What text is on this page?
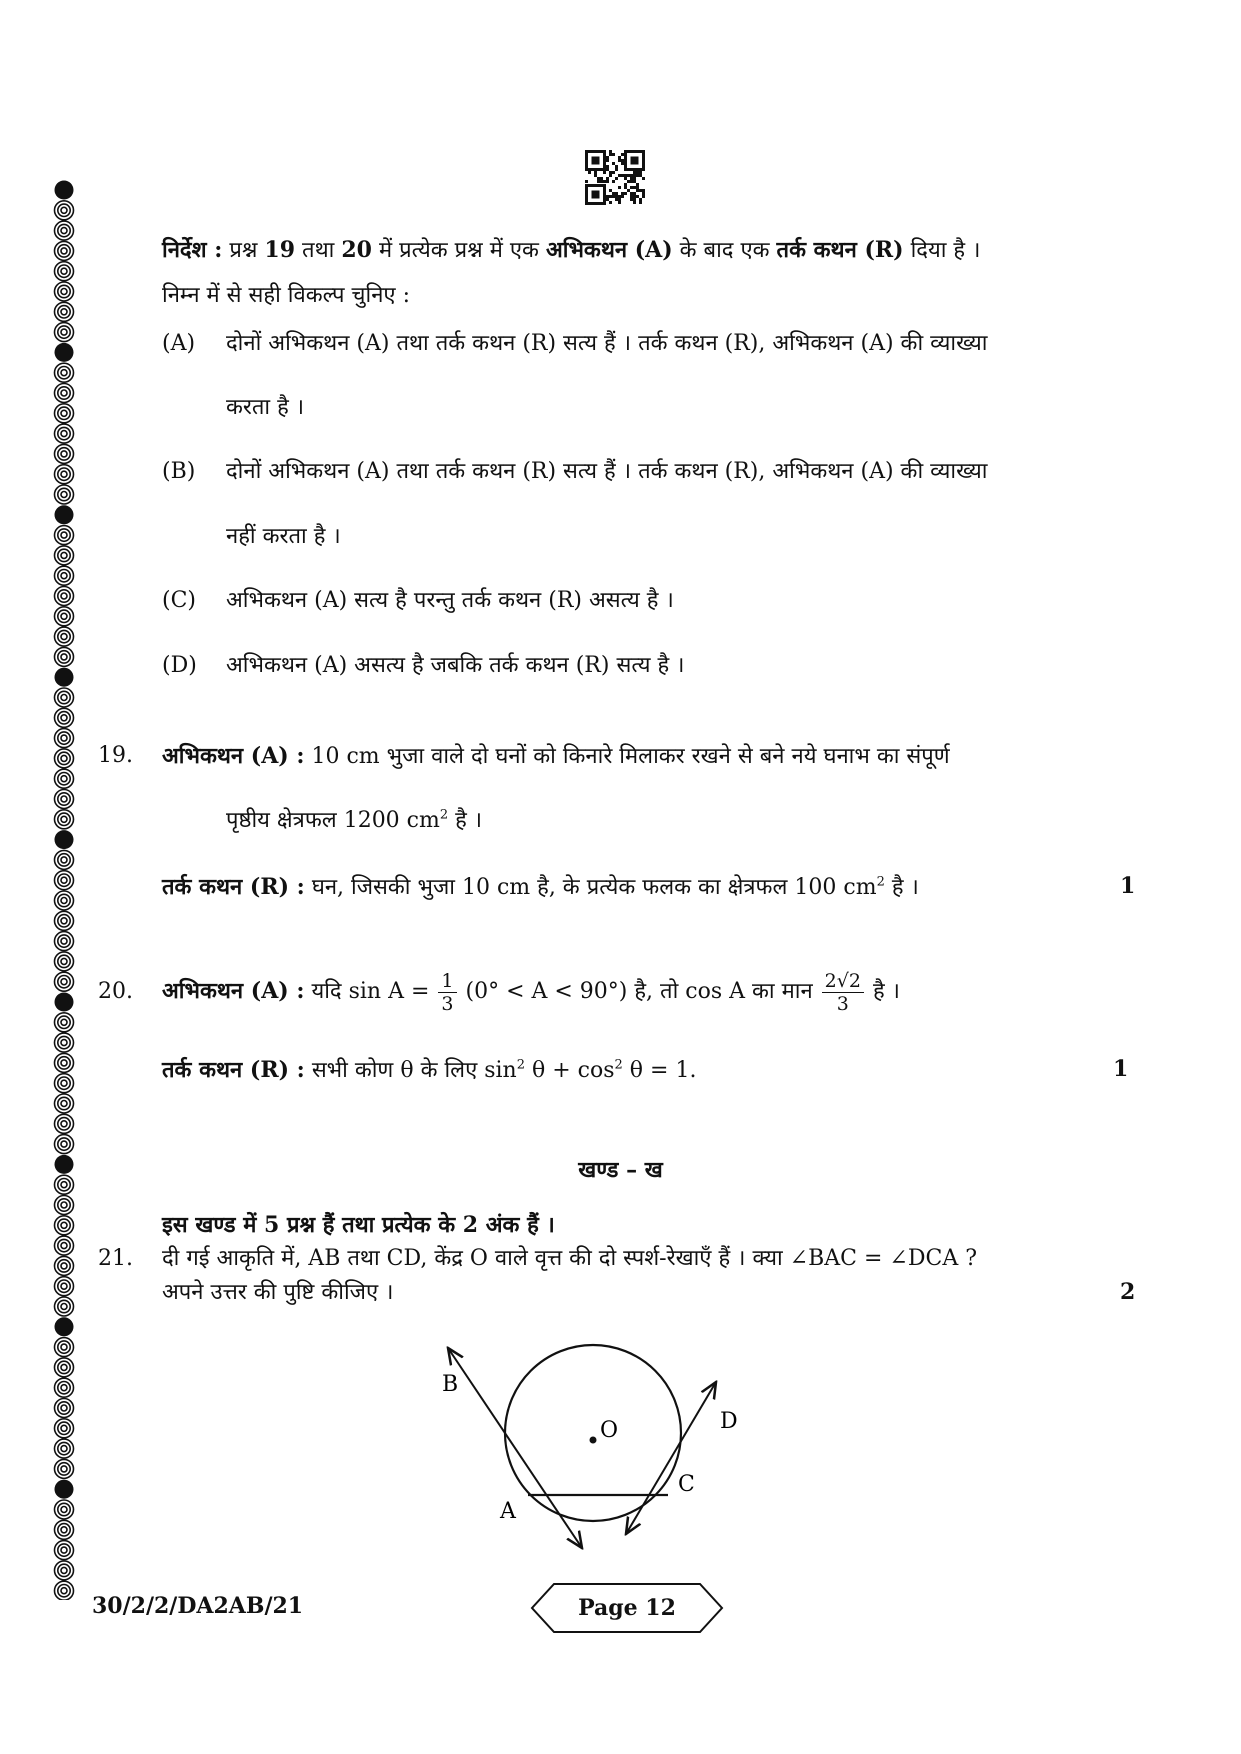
निर्देश : प्रश्न 19 तथा 20 में प्रत्येक प्रश्न में एक अभिकथन (A) के बाद एक तर्क कथन (R) दिया है ।
निम्न में से सही विकल्प चुनिए :
(A) दोनों अभिकथन (A) तथा तर्क कथन (R) सत्य हैं । तर्क कथन (R), अभिकथन (A) की व्याख्या
करता है ।
(B) दोनों अभिकथन (A) तथा तर्क कथन (R) सत्य हैं । तर्क कथन (R), अभिकथन (A) की व्याख्या
नहीं करता है ।
(C) अभिकथन (A) सत्य है परन्तु तर्क कथन (R) असत्य है ।
(D) अभिकथन (A) असत्य है जबकि तर्क कथन (R) सत्य है ।
19. अभिकथन (A) : 10 cm भुजा वाले दो घनों को किनारे मिलाकर रखने से बने नये घनाभ का संपूर्ण
पृष्ठीय क्षेत्रफल 1200 $cm^2$ है ।
तर्क कथन (R) : घन, जिसकी भुजा 10 cm है, के प्रत्येक फलक का क्षेत्रफल 100 $cm^2$ है ।	1
20. अभिकथन (A) : यदि $\sin A = \frac{1}{3} (0^\circ < A < 90^\circ)$ है, तो cos A का मान $\frac{2√2}{3}$ है ।
तर्क कथन (R) : सभी कोण θ के लिए $\sin^2 \theta + \cos^2 \theta = 1$.	1
खण्ड – ख
इस खण्ड में 5 प्रश्न हैं तथा प्रत्येक के 2 अंक हैं ।
21. दी गई आकृति में, AB तथा CD, केंद्र O वाले वृत्त की दो स्पर्श-रेखाएँ हैं । क्या ∠BAC = ∠DCA ?
अपने उत्तर की पुष्टि कीजिए ।	2
B
O	D
A
C
30/2/2/DA2AB/21	Page 12
